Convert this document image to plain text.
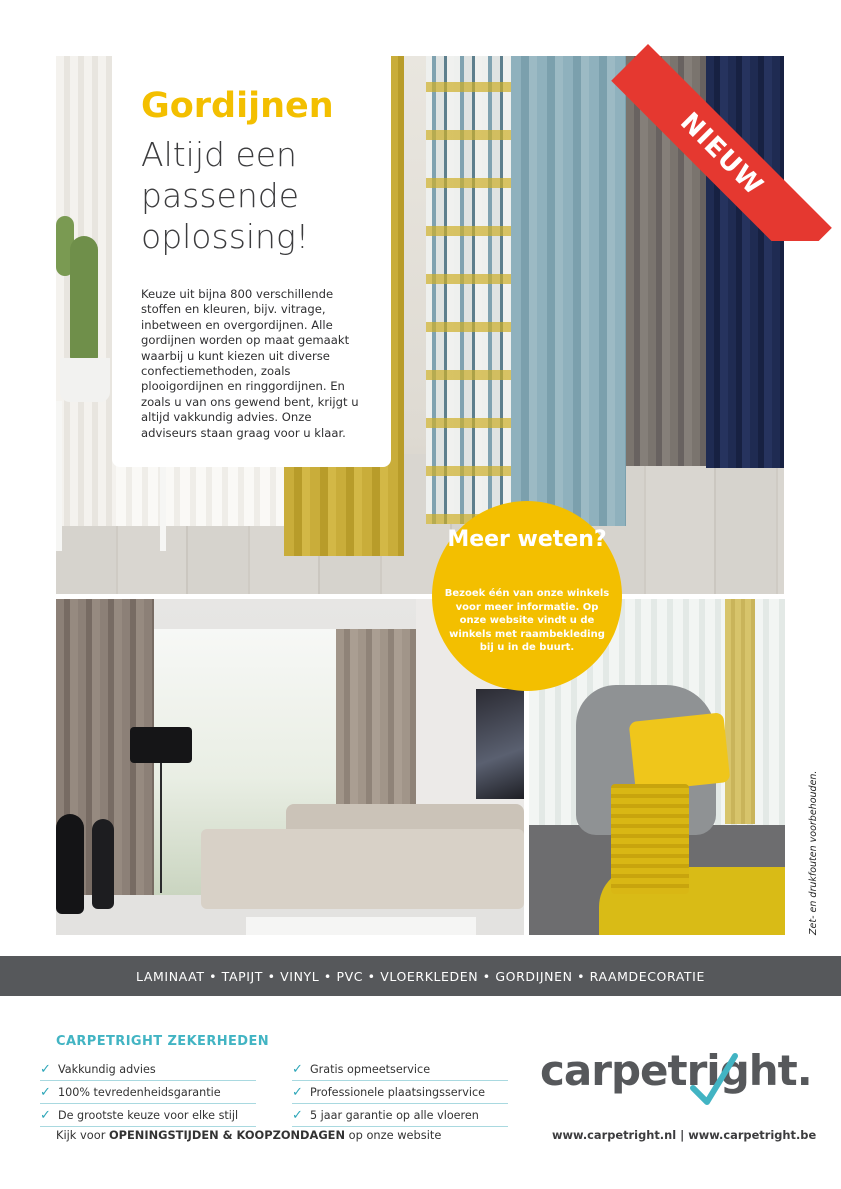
Gordijnen

Altijd een passende oplossing!

Keuze uit bijna 800 verschillende stoffen en kleuren, bijv. vitrage, inbetween en overgordijnen. Alle gordijnen worden op maat gemaakt waarbij u kunt kiezen uit diverse confectiemethoden, zoals plooigordijnen en ringgordijnen. En zoals u van ons gewend bent, krijgt u altijd vakkundig advies. Onze adviseurs staan graag voor u klaar.

NIEUW
Meer weten?

Bezoek één van onze winkels voor meer informatie. Op onze website vindt u de winkels met raambekleding bij u in de buurt.

Zet- en drukfouten voorbehouden.
LAMINAAT • TAPIJT • VINYL • PVC • VLOERKLEDEN • GORDIJNEN • RAAMDECORATIE
CARPETRIGHT ZEKERHEDEN
✓ Vakkundig advies
✓ 100% tevredenheidsgarantie
✓ De grootste keuze voor elke stijl
✓ Gratis opmeetservice
✓ Professionele plaatsingsservice
✓ 5 jaar garantie op alle vloeren

carpetright.

Kijk voor OPENINGSTIJDEN & KOOPZONDAGEN op onze website	www.carpetright.nl | www.carpetright.be
